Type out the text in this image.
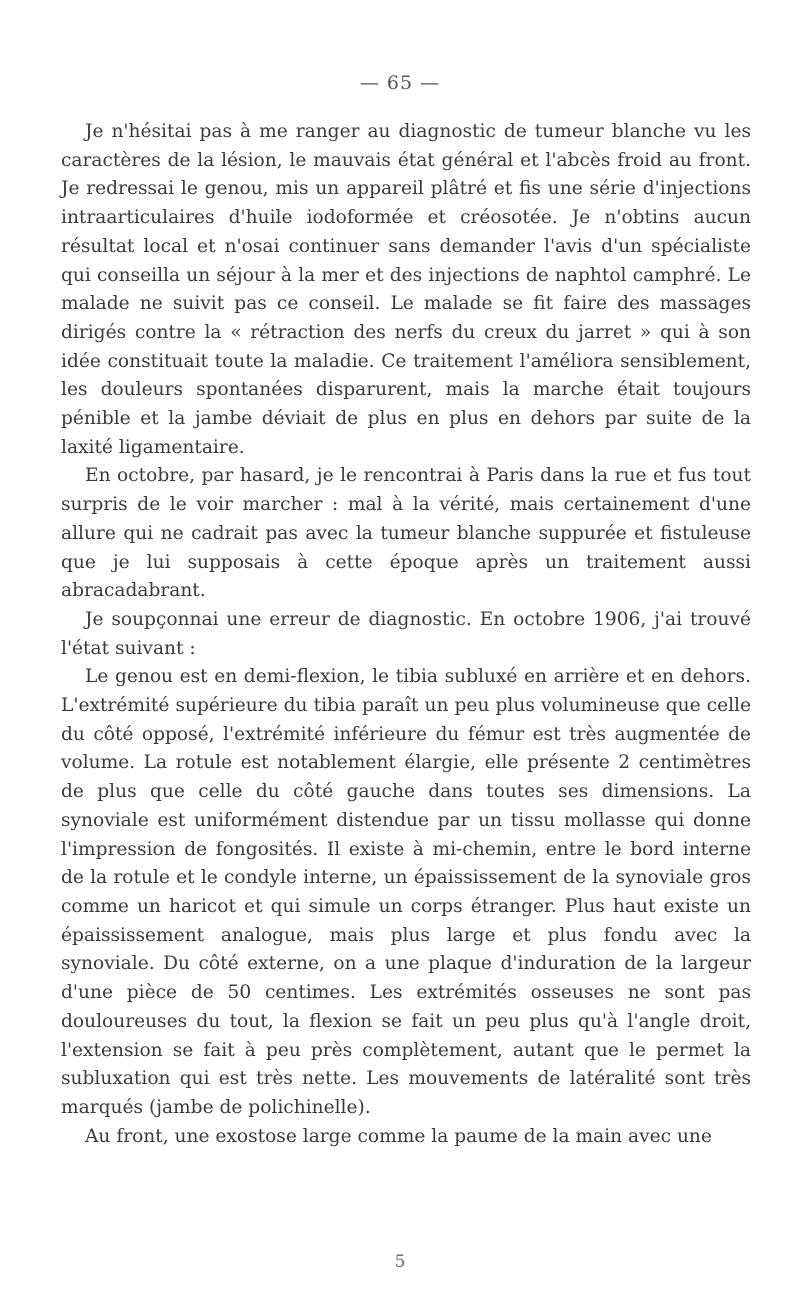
— 65 —

Je n'hésitai pas à me ranger au diagnostic de tumeur blanche vu les caractères de la lésion, le mauvais état général et l'abcès froid au front. Je redressai le genou, mis un appareil plâtré et fis une série d'injections intraarticulaires d'huile iodoformée et créosotée. Je n'obtins aucun résultat local et n'osai continuer sans demander l'avis d'un spécialiste qui conseilla un séjour à la mer et des injections de naphtol camphré. Le malade ne suivit pas ce conseil. Le malade se fit faire des massages dirigés contre la « rétraction des nerfs du creux du jarret » qui à son idée constituait toute la maladie. Ce traitement l'améliora sensiblement, les douleurs spontanées disparurent, mais la marche était toujours pénible et la jambe déviait de plus en plus en dehors par suite de la laxité ligamentaire.

En octobre, par hasard, je le rencontrai à Paris dans la rue et fus tout surpris de le voir marcher : mal à la vérité, mais certainement d'une allure qui ne cadrait pas avec la tumeur blanche suppurée et fistuleuse que je lui supposais à cette époque après un traitement aussi abracadabrant.

Je soupçonnai une erreur de diagnostic. En octobre 1906, j'ai trouvé l'état suivant :

Le genou est en demi-flexion, le tibia subluxé en arrière et en dehors. L'extrémité supérieure du tibia paraît un peu plus volumineuse que celle du côté opposé, l'extrémité inférieure du fémur est très augmentée de volume. La rotule est notablement élargie, elle présente 2 centimètres de plus que celle du côté gauche dans toutes ses dimensions. La synoviale est uniformément distendue par un tissu mollasse qui donne l'impression de fongosités. Il existe à mi-chemin, entre le bord interne de la rotule et le condyle interne, un épaississement de la synoviale gros comme un haricot et qui simule un corps étranger. Plus haut existe un épaississement analogue, mais plus large et plus fondu avec la synoviale. Du côté externe, on a une plaque d'induration de la largeur d'une pièce de 50 centimes. Les extrémités osseuses ne sont pas douloureuses du tout, la flexion se fait un peu plus qu'à l'angle droit, l'extension se fait à peu près complètement, autant que le permet la subluxation qui est très nette. Les mouvements de latéralité sont très marqués (jambe de polichinelle).

Au front, une exostose large comme la paume de la main avec une

5
